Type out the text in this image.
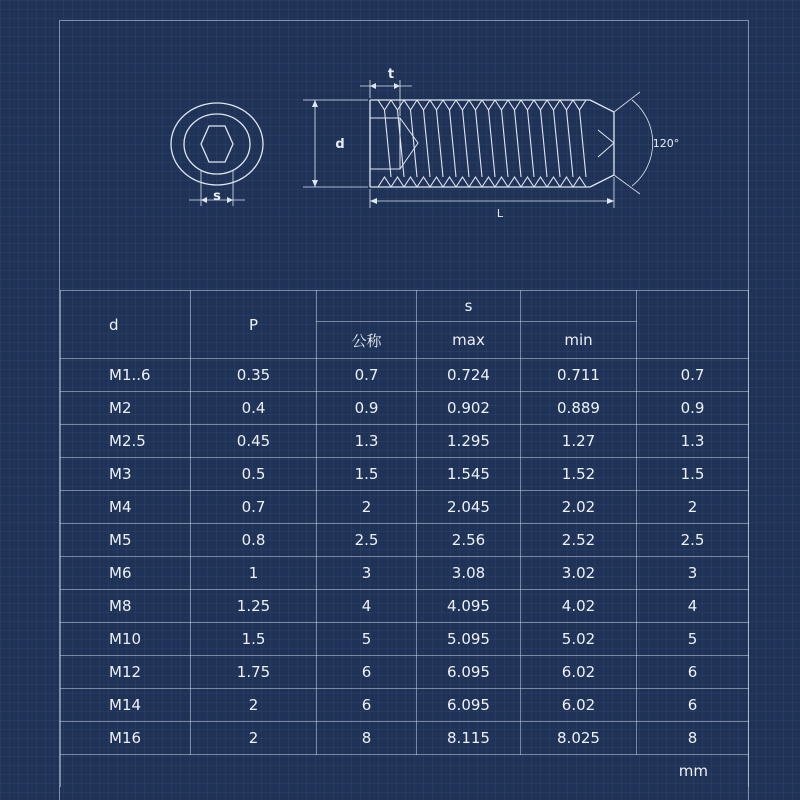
t
d
s
L
120°
d	P		s		
		公称	max	min	
M1..6	0.35	0.7	0.724	0.711	0.7
M2	0.4	0.9	0.902	0.889	0.9
M2.5	0.45	1.3	1.295	1.27	1.3
M3	0.5	1.5	1.545	1.52	1.5
M4	0.7	2	2.045	2.02	2
M5	0.8	2.5	2.56	2.52	2.5
M6	1	3	3.08	3.02	3
M8	1.25	4	4.095	4.02	4
M10	1.5	5	5.095	5.02	5
M12	1.75	6	6.095	6.02	6
M14	2	6	6.095	6.02	6
M16	2	8	8.115	8.025	8
mm					
